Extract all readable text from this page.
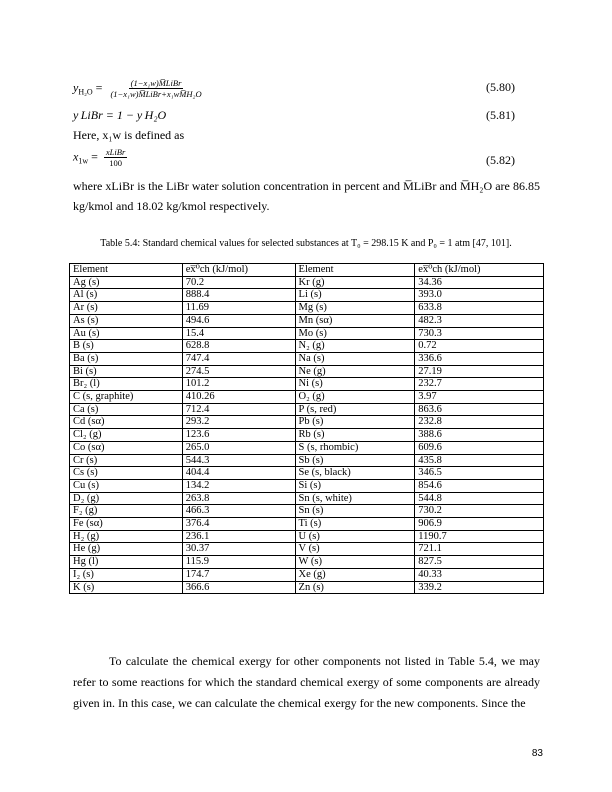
$y_{H_2O} = \frac{\text{(1−x₁w)M̅LiBr}}{\text{(1−x₁w)M̅LiBr+x₁wM̅H₂O}}$	(5.80)
y LiBr = 1 − y H₂O	(5.81)
Here, x₁w is defined as
$x_{1w} = \frac{\text{xLiBr}}{100}$	(5.82)
where xLiBr is the LiBr water solution concentration in percent and M̅LiBr and M̅H₂O are 86.85 kg/kmol and 18.02 kg/kmol respectively.
Table 5.4: Standard chemical values for selected substances at T₀ = 298.15 K and P₀ = 1 atm [47, 101].
Element	ex̅⁰ch (kJ/mol)	Element	ex̅⁰ch (kJ/mol)
Ag (s)	70.2	Kr (g)	34.36
Al (s)	888.4	Li (s)	393.0
Ar (s)	11.69	Mg (s)	633.8
As (s)	494.6	Mn (sα)	482.3
Au (s)	15.4	Mo (s)	730.3
B (s)	628.8	N₂ (g)	0.72
Ba (s)	747.4	Na (s)	336.6
Bi (s)	274.5	Ne (g)	27.19
Br₂ (l)	101.2	Ni (s)	232.7
C (s, graphite)	410.26	O₂ (g)	3.97
Ca (s)	712.4	P (s, red)	863.6
Cd (sα)	293.2	Pb (s)	232.8
Cl₂ (g)	123.6	Rb (s)	388.6
Co (sα)	265.0	S (s, rhombic)	609.6
Cr (s)	544.3	Sb (s)	435.8
Cs (s)	404.4	Se (s, black)	346.5
Cu (s)	134.2	Si (s)	854.6
D₂ (g)	263.8	Sn (s, white)	544.8
F₂ (g)	466.3	Sn (s)	730.2
Fe (sα)	376.4	Ti (s)	906.9
H₂ (g)	236.1	U (s)	1190.7
He (g)	30.37	V (s)	721.1
Hg (l)	115.9	W (s)	827.5
I₂ (s)	174.7	Xe (g)	40.33
K (s)	366.6	Zn (s)	339.2
To calculate the chemical exergy for other components not listed in Table 5.4, we may refer to some reactions for which the standard chemical exergy of some components are already given in. In this case, we can calculate the chemical exergy for the new components. Since the
83
